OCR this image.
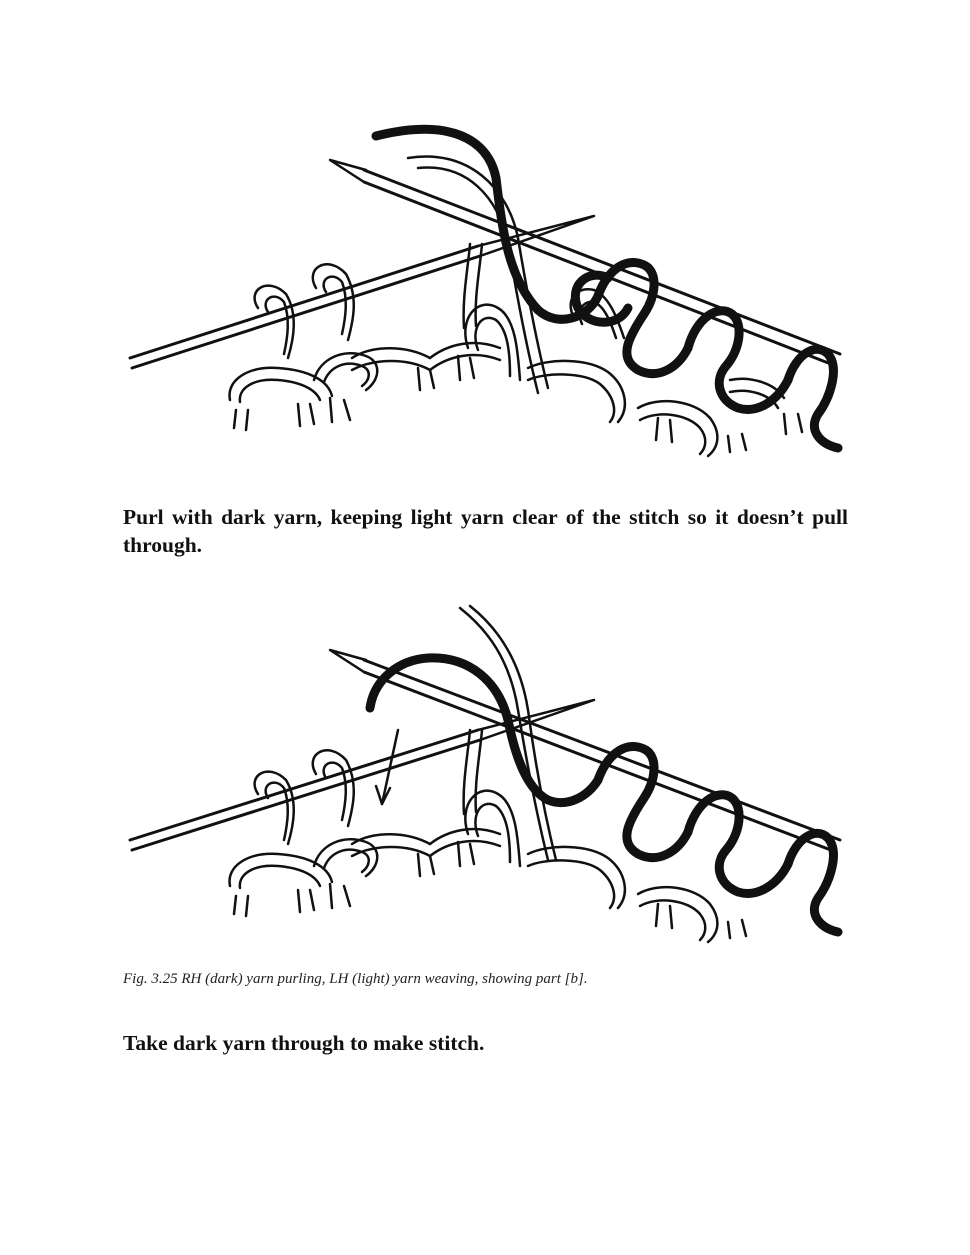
Purl with dark yarn, keeping light yarn clear of the stitch so it doesn’t pull through.

Fig. 3.25 RH (dark) yarn purling, LH (light) yarn weaving, showing part [b].

Take dark yarn through to make stitch.
